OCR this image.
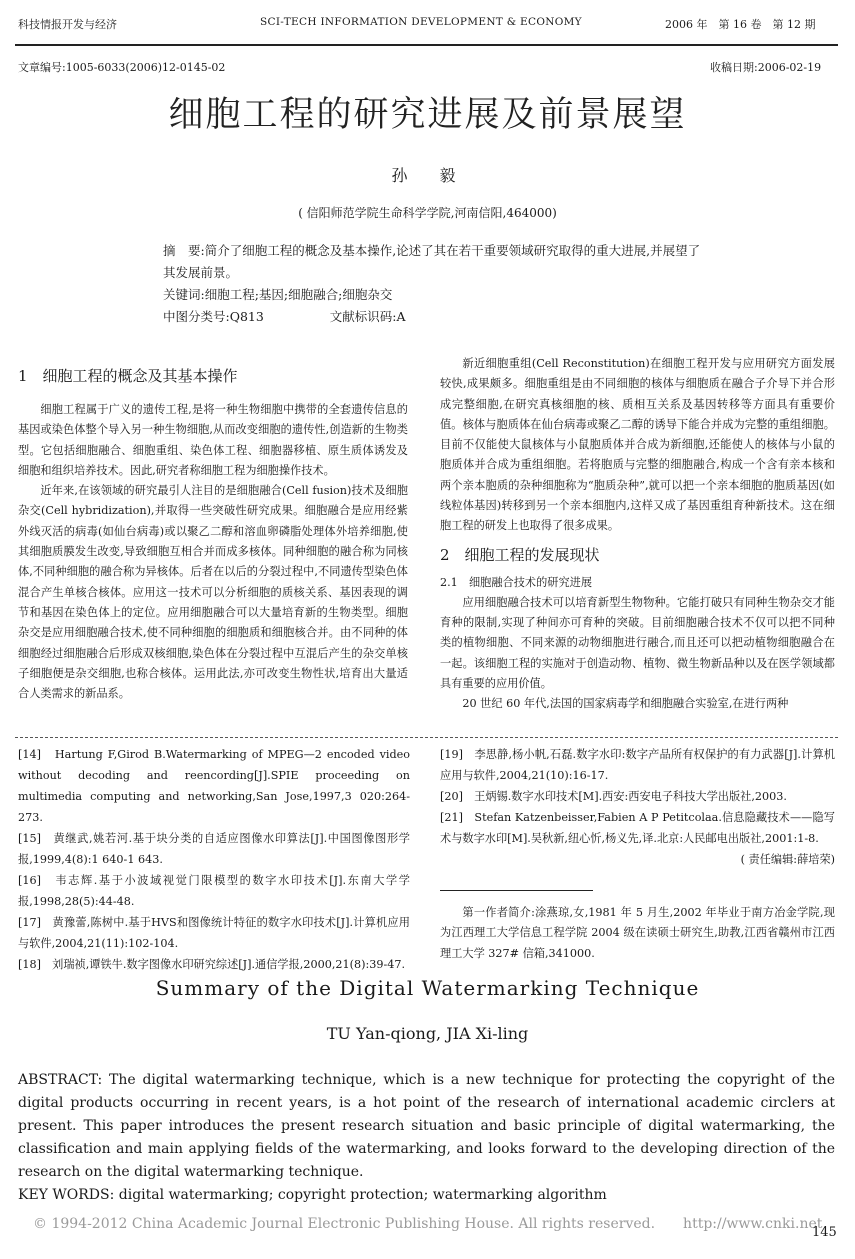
科技情报开发与经济	SCI-TECH INFORMATION DEVELOPMENT & ECONOMY	2006 年　第 16 卷　第 12 期
文章编号:1005-6033(2006)12-0145-02	收稿日期:2006-02-19
细胞工程的研究进展及前景展望
孙　毅
( 信阳师范学院生命科学学院,河南信阳,464000)

摘　要:简介了细胞工程的概念及基本操作,论述了其在若干重要领域研究取得的重大进展,并展望了其发展前景。

关键词:细胞工程;基因;细胞融合;细胞杂交

中图分类号:Q813	文献标识码:A

1　细胞工程的概念及其基本操作

细胞工程属于广义的遗传工程,是将一种生物细胞中携带的全套遗传信息的基因或染色体整个导入另一种生物细胞,从而改变细胞的遗传性,创造新的生物类型。它包括细胞融合、细胞重组、染色体工程、细胞器移植、原生质体诱发及细胞和组织培养技术。因此,研究者称细胞工程为细胞操作技术。

近年来,在该领域的研究最引人注目的是细胞融合(Cell fusion)技术及细胞杂交(Cell hybridization),并取得一些突破性研究成果。细胞融合是应用经紫外线灭活的病毒(如仙台病毒)或以聚乙二醇和溶血卵磷脂处理体外培养细胞,使其细胞质膜发生改变,导致细胞互相合并而成多核体。同种细胞的融合称为同核体,不同种细胞的融合称为异核体。后者在以后的分裂过程中,不同遗传型染色体混合产生单核合核体。应用这一技术可以分析细胞的质核关系、基因表现的调节和基因在染色体上的定位。应用细胞融合可以大量培育新的生物类型。细胞杂交是应用细胞融合技术,使不同种细胞的细胞质和细胞核合并。由不同种的体细胞经过细胞融合后形成双核细胞,染色体在分裂过程中互混后产生的杂交单核子细胞便是杂交细胞,也称合核体。运用此法,亦可改变生物性状,培育出大量适合人类需求的新品系。

新近细胞重组(Cell Reconstitution)在细胞工程开发与应用研究方面发展较快,成果颇多。细胞重组是由不同细胞的核体与细胞质在融合子介导下并合形成完整细胞,在研究真核细胞的核、质相互关系及基因转移等方面具有重要价值。核体与胞质体在仙台病毒或聚乙二醇的诱导下能合并成为完整的重组细胞。目前不仅能使大鼠核体与小鼠胞质体并合成为新细胞,还能使人的核体与小鼠的胞质体并合成为重组细胞。若将胞质与完整的细胞融合,构成一个含有亲本核和两个亲本胞质的杂种细胞称为“胞质杂种”,就可以把一个亲本细胞的胞质基因(如线粒体基因)转移到另一个亲本细胞内,这样又成了基因重组育种新技术。这在细胞工程的研发上也取得了很多成果。

2　细胞工程的发展现状
2.1　细胞融合技术的研究进展

应用细胞融合技术可以培育新型生物物种。它能打破只有同种生物杂交才能育种的限制,实现了种间亦可育种的突破。目前细胞融合技术不仅可以把不同种类的植物细胞、不同来源的动物细胞进行融合,而且还可以把动植物细胞融合在一起。该细胞工程的实施对于创造动物、植物、微生物新品种以及在医学领域都具有重要的应用价值。

20 世纪 60 年代,法国的国家病毒学和细胞融合实验室,在进行两种

[14]　Hartung F,Girod B.Watermarking of MPEG—2 encoded video without decoding and reencording[J].SPIE proceeding on multimedia computing and networking,San Jose,1997,3 020:264-273.

[15]　黄继武,姚若河.基于块分类的自适应图像水印算法[J].中国图像图形学报,1999,4(8):1 640-1 643.

[16]　韦志辉.基于小波域视觉门限模型的数字水印技术[J].东南大学学报,1998,28(5):44-48.

[17]　黄豫蕾,陈树中.基于HVS和图像统计特征的数字水印技术[J].计算机应用与软件,2004,21(11):102-104.

[18]　刘瑞祯,谭铁牛.数字图像水印研究综述[J].通信学报,2000,21(8):39-47.

[19]　李思静,杨小帆,石磊.数字水印:数字产品所有权保护的有力武器[J].计算机应用与软件,2004,21(10):16-17.

[20]　王炳锡.数字水印技术[M].西安:西安电子科技大学出版社,2003.

[21]　Stefan Katzenbeisser,Fabien A P Petitcolaa.信息隐藏技术——隐写术与数字水印[M].吴秋新,纽心忻,杨义先,译.北京:人民邮电出版社,2001:1-8.

( 责任编辑:薛培荣)

第一作者简介:涂燕琼,女,1981 年 5 月生,2002 年毕业于南方冶金学院,现为江西理工大学信息工程学院 2004 级在读硕士研究生,助教,江西省赣州市江西理工大学 327# 信箱,341000.

Summary of the Digital Watermarking Technique
TU Yan-qiong, JIA Xi-ling

ABSTRACT: The digital watermarking technique, which is a new technique for protecting the copyright of the digital products occurring in recent years, is a hot point of the research of international academic circlers at present. This paper introduces the present research situation and basic principle of digital watermarking, the classification and main applying fields of the watermarking, and looks forward to the developing direction of the research on the digital watermarking technique.

KEY WORDS: digital watermarking; copyright protection; watermarking algorithm

© 1994-2012 China Academic Journal Electronic Publishing House. All rights reserved.　　http://www.cnki.net
145
